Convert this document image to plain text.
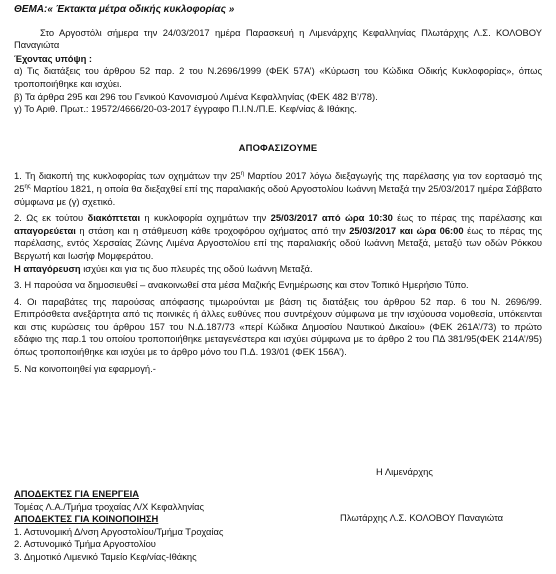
ΘΕΜΑ:« Έκτακτα μέτρα οδικής κυκλοφορίας »
Στο Αργοστόλι σήμερα την 24/03/2017 ημέρα Παρασκευή η Λιμενάρχης Κεφαλληνίας Πλωτάρχης Λ.Σ. ΚΟΛΟΒΟΥ Παναγιώτα
Έχοντας υπόψη :

α) Τις διατάξεις του άρθρου 52 παρ. 2 του Ν.2696/1999 (ΦΕΚ 57Α’) «Κύρωση του Κώδικα Οδικής Κυκλοφορίας», όπως τροποποιήθηκε και ισχύει.

β) Τα άρθρα 295 και 296 του Γενικού Κανονισμού Λιμένα Κεφαλληνίας (ΦΕΚ 482 Β’/78).

γ) Το Αριθ. Πρωτ.: 19572/4666/20-03-2017 έγγραφο Π.Ι.Ν./Π.Ε. Κεφ/νίας & Ιθάκης.

ΑΠΟΦΑΣΙΖΟΥΜΕ

1. Τη διακοπή της κυκλοφορίας των οχημάτων την $25^\eta$ Μαρτίου 2017 λόγω διεξαγωγής της παρέλασης για τον εορτασμό της $25^{\eta\varsigma}$ Μαρτίου 1821, η οποία θα διεξαχθεί επί της παραλιακής οδού Αργοστολίου Ιωάννη Μεταξά την 25/03/2017 ημέρα Σάββατο σύμφωνα με (γ) σχετικό.

2. Ως εκ τούτου διακόπτεται η κυκλοφορία οχημάτων την 25/03/2017 από ώρα 10:30 έως το πέρας της παρέλασης και απαγορεύεται η στάση και η στάθμευση κάθε τροχοφόρου οχήματος από την 25/03/2017 και ώρα 06:00 έως το πέρας της παρέλασης, εντός Χερσαίας Ζώνης Λιμένα Αργοστολίου επί της παραλιακής οδού Ιωάννη Μεταξά, μεταξύ των οδών Ρόκκου Βεργωτή και Ιωσήφ Μομφεράτου.
Η απαγόρευση ισχύει και για τις δυο πλευρές της οδού Ιωάννη Μεταξά.

3. Η παρούσα να δημοσιευθεί – ανακοινωθεί στα μέσα Μαζικής Ενημέρωσης και στον Τοπικό Ημερήσιο Τύπο.

4. Οι παραβάτες της παρούσας απόφασης τιμωρούνται με βάση τις διατάξεις του άρθρου 52 παρ. 6 του Ν. 2696/99. Επιπρόσθετα ανεξάρτητα από τις ποινικές ή άλλες ευθύνες που συντρέχουν σύμφωνα με την ισχύουσα νομοθεσία, υπόκεινται και στις κυρώσεις του άρθρου 157 του Ν.Δ.187/73 «περί Κώδικα Δημοσίου Ναυτικού Δικαίου» (ΦΕΚ 261Α’/73) το πρώτο εδάφιο της παρ.1 του οποίου τροποποιήθηκε μεταγενέστερα και ισχύει σύμφωνα με το άρθρο 2 του ΠΔ 381/95(ΦΕΚ 214Α’/95) όπως τροποποιήθηκε και ισχύει με το άρθρο μόνο του Π.Δ. 193/01 (ΦΕΚ 156Α’).

5. Να κοινοποιηθεί για εφαρμογή.-

Η Λιμενάρχης
ΑΠΟΔΕΚΤΕΣ ΓΙΑ ΕΝΕΡΓΕΙΑ
Τομέας Λ.Α./Τμήμα τροχαίας Λ/Χ Κεφαλληνίας
ΑΠΟΔΕΚΤΕΣ ΓΙΑ ΚΟΙΝΟΠΟΙΗΣΗ
1. Αστυνομική Δ/νση Αργοστολίου/Τμήμα Τροχαίας
2. Αστυνομικό Τμήμα Αργοστολίου
3. Δημοτικό Λιμενικό Ταμείο Κεφ/νίας-Ιθάκης
Πλωτάρχης Λ.Σ. ΚΟΛΟΒΟΥ Παναγιώτα
